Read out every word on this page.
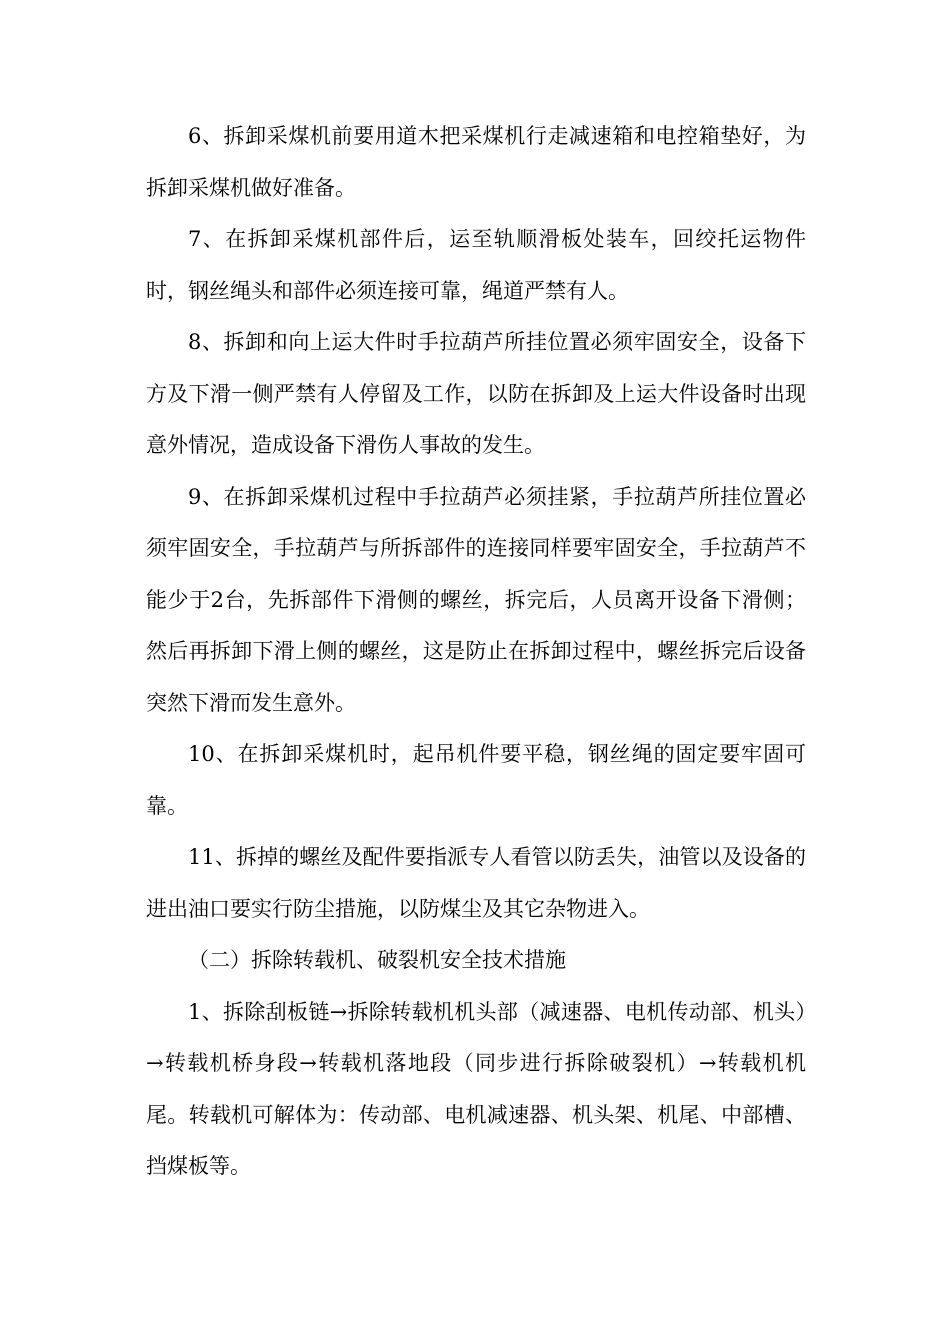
6、拆卸采煤机前要用道木把采煤机行走减速箱和电控箱垫好，为拆卸采煤机做好准备。

7、在拆卸采煤机部件后，运至轨顺滑板处装车，回绞托运物件时，钢丝绳头和部件必须连接可靠，绳道严禁有人。

8、拆卸和向上运大件时手拉葫芦所挂位置必须牢固安全，设备下方及下滑一侧严禁有人停留及工作，以防在拆卸及上运大件设备时出现意外情况，造成设备下滑伤人事故的发生。

9、在拆卸采煤机过程中手拉葫芦必须挂紧，手拉葫芦所挂位置必须牢固安全，手拉葫芦与所拆部件的连接同样要牢固安全，手拉葫芦不能少于2台，先拆部件下滑侧的螺丝，拆完后，人员离开设备下滑侧；然后再拆卸下滑上侧的螺丝，这是防止在拆卸过程中，螺丝拆完后设备突然下滑而发生意外。

10、在拆卸采煤机时，起吊机件要平稳，钢丝绳的固定要牢固可靠。

11、拆掉的螺丝及配件要指派专人看管以防丢失，油管以及设备的进出油口要实行防尘措施，以防煤尘及其它杂物进入。

（二）拆除转载机、破裂机安全技术措施

1、拆除刮板链→拆除转载机机头部（减速器、电机传动部、机头）→转载机桥身段→转载机落地段（同步进行拆除破裂机）→转载机机尾。转载机可解体为：传动部、电机减速器、机头架、机尾、中部槽、挡煤板等。
